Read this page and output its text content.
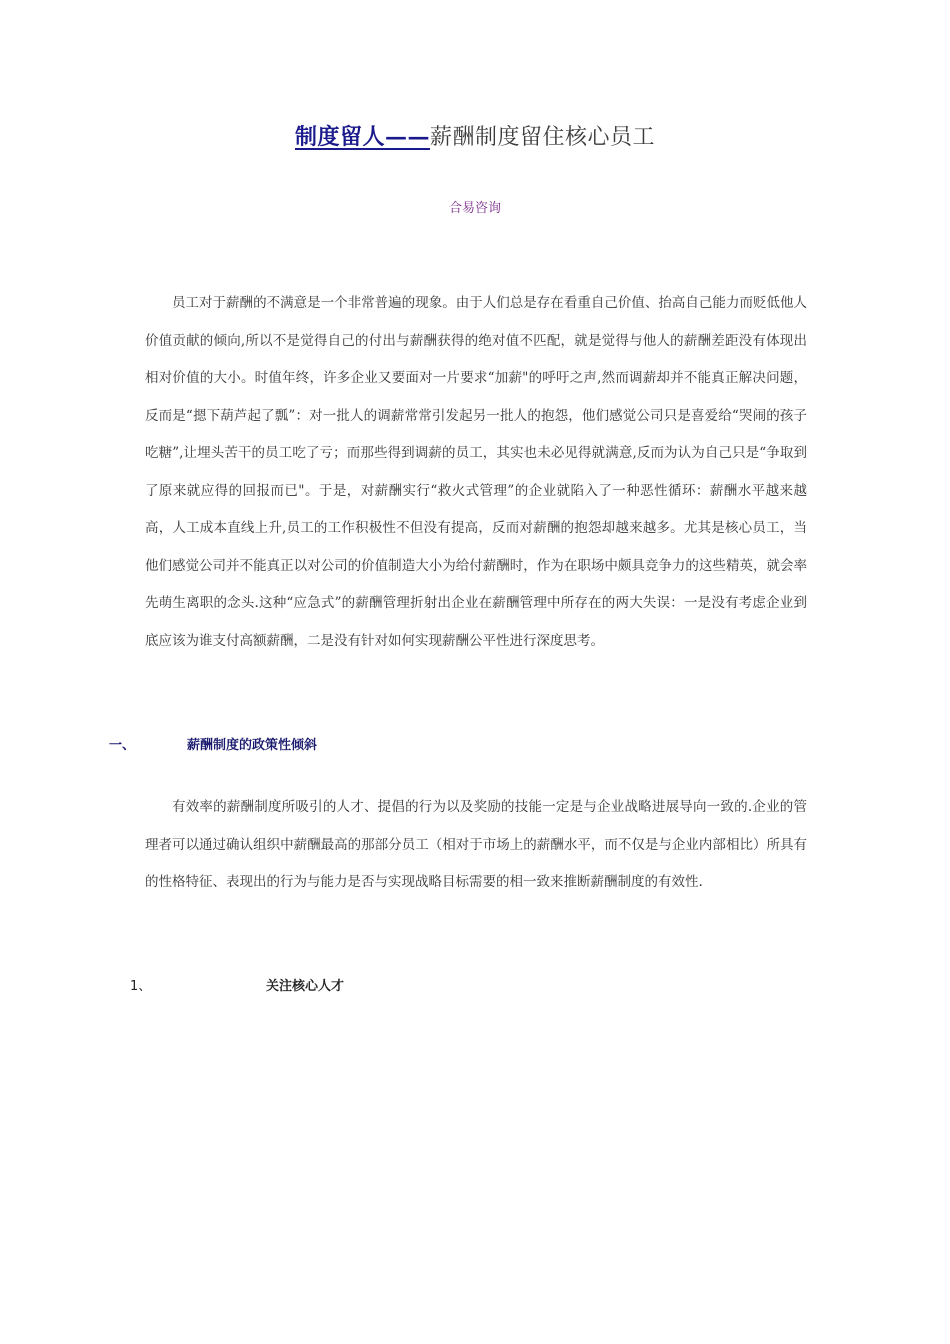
制度留人——薪酬制度留住核心员工
合易咨询

员工对于薪酬的不满意是一个非常普遍的现象。由于人们总是存在看重自己价值、抬高自己能力而贬低他人价值贡献的倾向,所以不是觉得自己的付出与薪酬获得的绝对值不匹配，就是觉得与他人的薪酬差距没有体现出相对价值的大小。时值年终，许多企业又要面对一片要求“加薪"的呼吁之声,然而调薪却并不能真正解决问题，反而是“摁下葫芦起了瓢”：对一批人的调薪常常引发起另一批人的抱怨，他们感觉公司只是喜爱给“哭闹的孩子吃糖”,让埋头苦干的员工吃了亏；而那些得到调薪的员工，其实也未必见得就满意,反而为认为自己只是“争取到了原来就应得的回报而已"。于是，对薪酬实行“救火式管理”的企业就陷入了一种恶性循环：薪酬水平越来越高，人工成本直线上升,员工的工作积极性不但没有提高，反而对薪酬的抱怨却越来越多。尤其是核心员工，当他们感觉公司并不能真正以对公司的价值制造大小为给付薪酬时，作为在职场中颇具竞争力的这些精英，就会率先萌生离职的念头.这种“应急式”的薪酬管理折射出企业在薪酬管理中所存在的两大失误：一是没有考虑企业到底应该为谁支付高额薪酬，二是没有针对如何实现薪酬公平性进行深度思考。

一、	薪酬制度的政策性倾斜

有效率的薪酬制度所吸引的人才、提倡的行为以及奖励的技能一定是与企业战略进展导向一致的.企业的管理者可以通过确认组织中薪酬最高的那部分员工（相对于市场上的薪酬水平，而不仅是与企业内部相比）所具有的性格特征、表现出的行为与能力是否与实现战略目标需要的相一致来推断薪酬制度的有效性.

1、	关注核心人才
